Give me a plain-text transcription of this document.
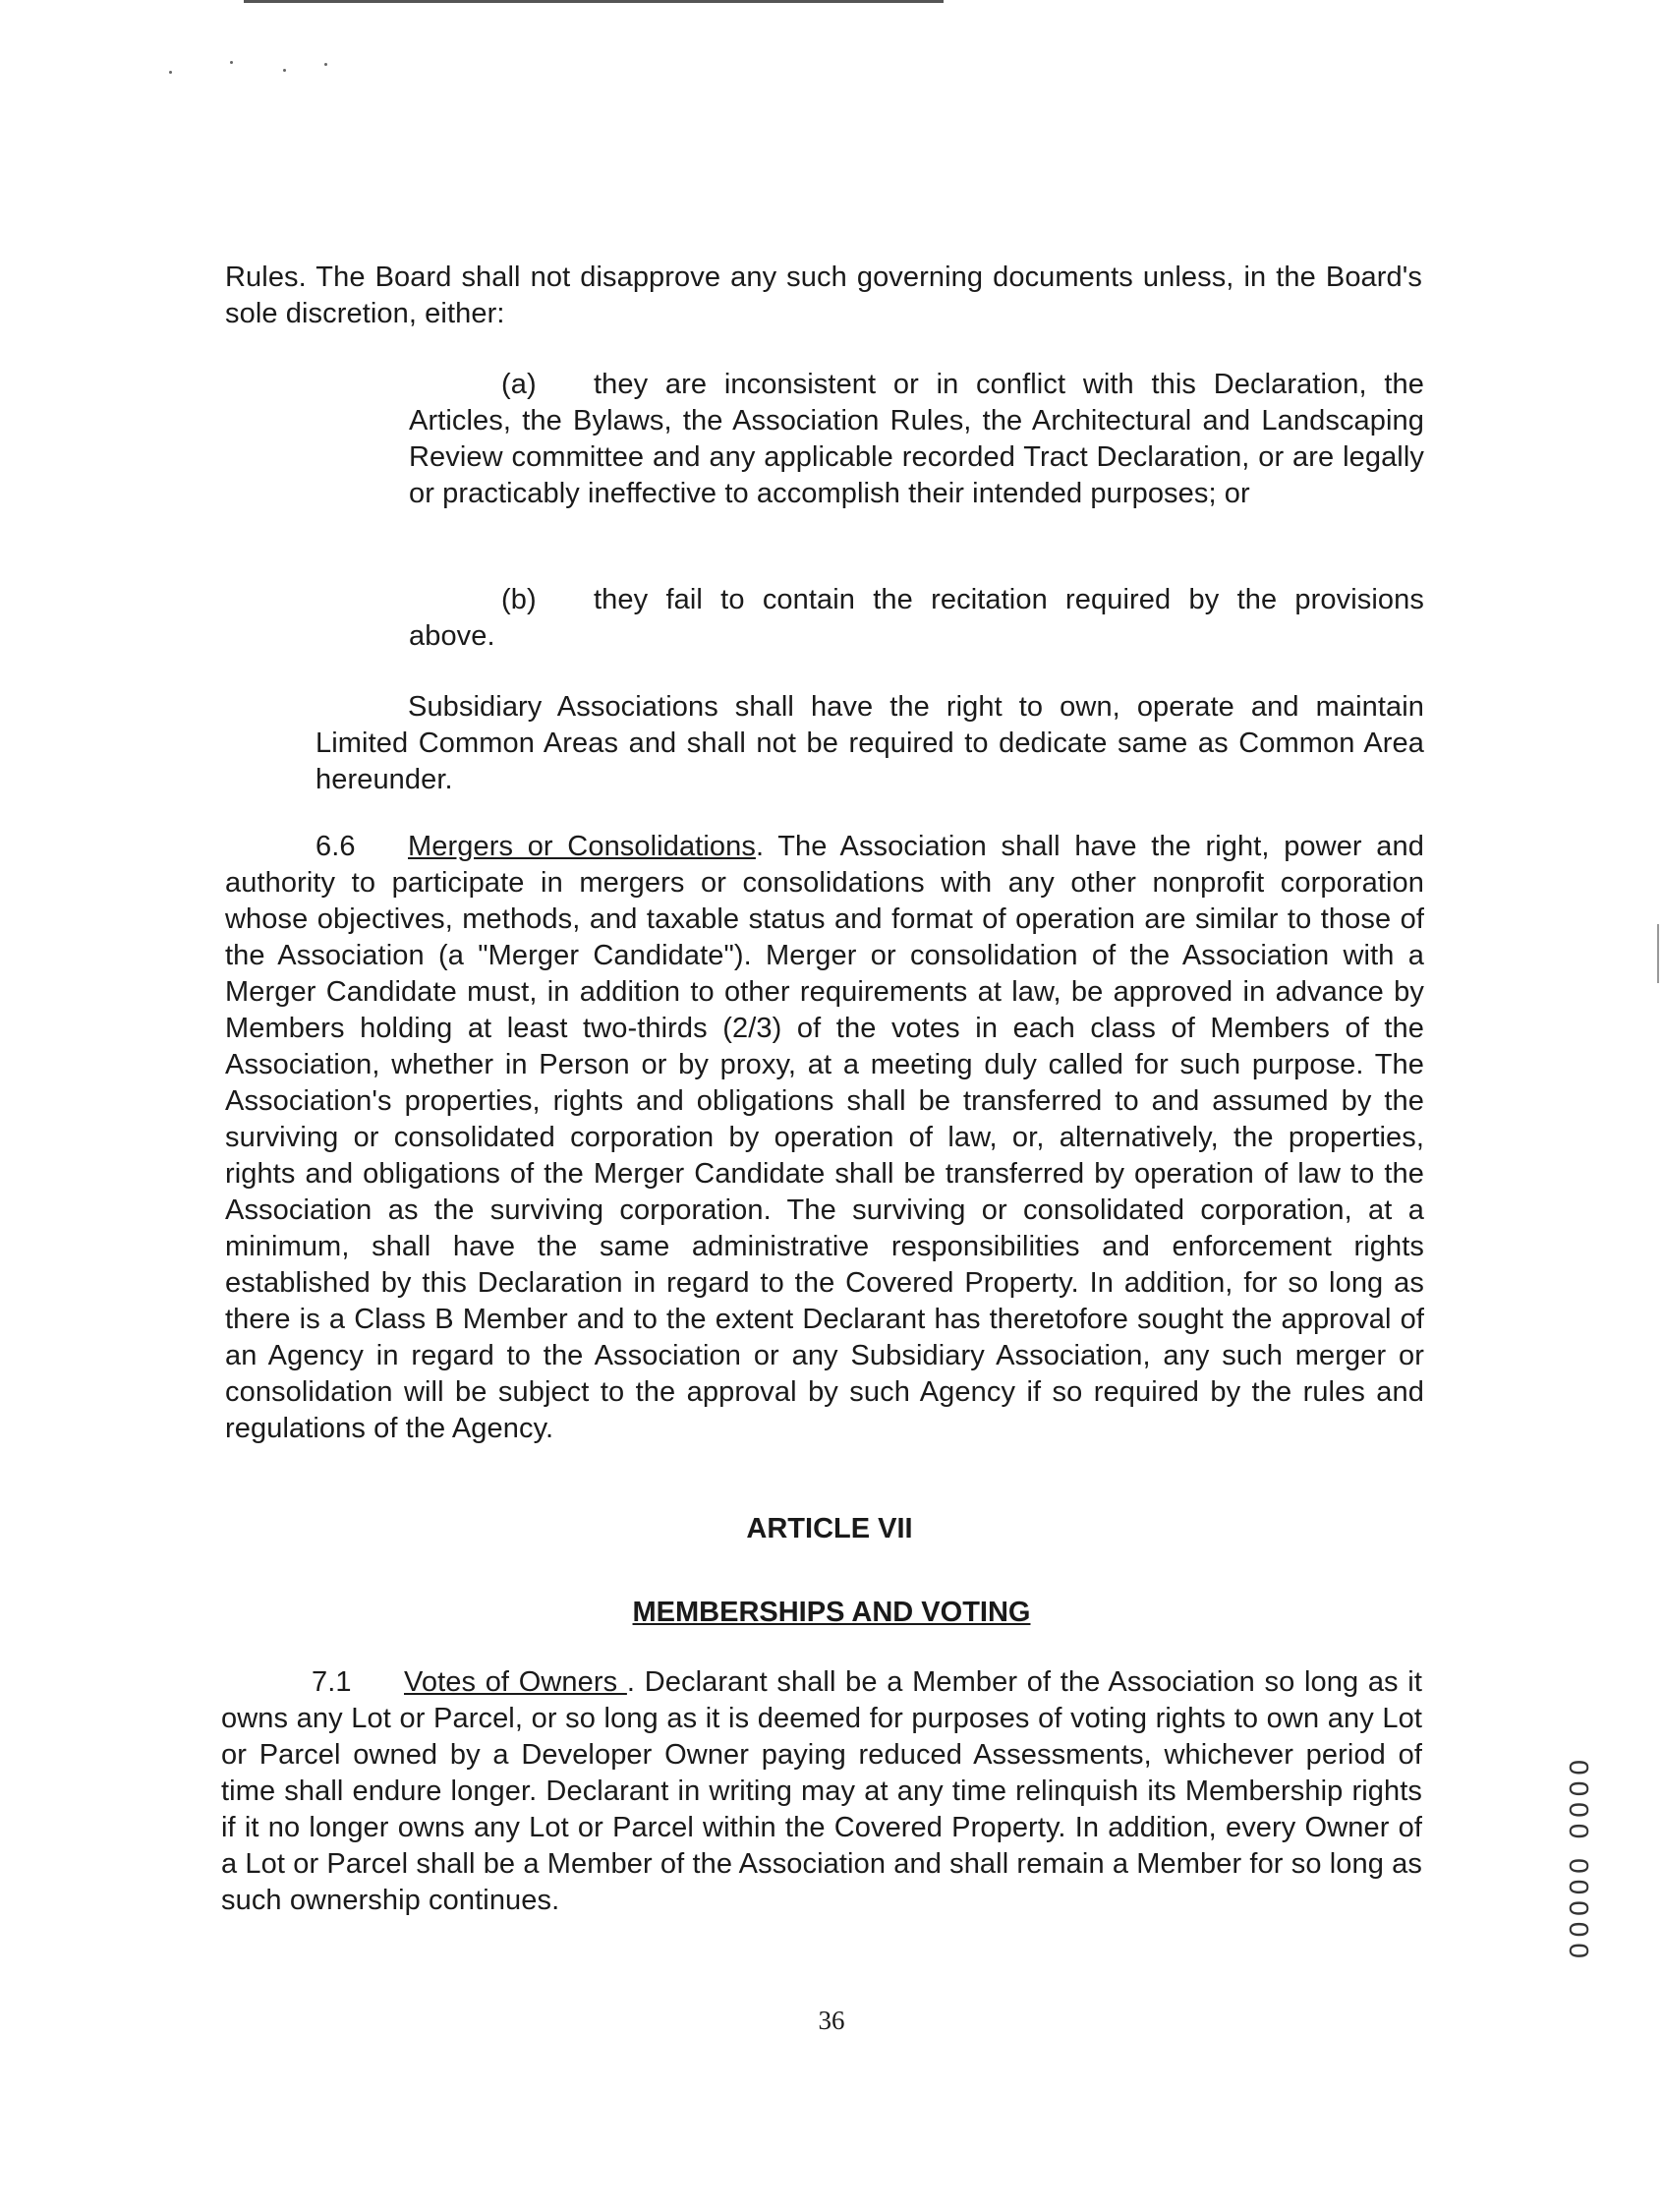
Rules. The Board shall not disapprove any such governing documents unless, in the Board's sole discretion, either:

(a) they are inconsistent or in conflict with this Declaration, the Articles, the Bylaws, the Association Rules, the Architectural and Landscaping Review committee and any applicable recorded Tract Declaration, or are legally or practicably ineffective to accomplish their intended purposes; or
(b) they fail to contain the recitation required by the provisions above.
Subsidiary Associations shall have the right to own, operate and maintain Limited Common Areas and shall not be required to dedicate same as Common Area hereunder.
6.6 Mergers or Consolidations. The Association shall have the right, power and authority to participate in mergers or consolidations with any other nonprofit corporation whose objectives, methods, and taxable status and format of operation are similar to those of the Association (a "Merger Candidate"). Merger or consolidation of the Association with a Merger Candidate must, in addition to other requirements at law, be approved in advance by Members holding at least two-thirds (2/3) of the votes in each class of Members of the Association, whether in Person or by proxy, at a meeting duly called for such purpose. The Association's properties, rights and obligations shall be transferred to and assumed by the surviving or consolidated corporation by operation of law, or, alternatively, the properties, rights and obligations of the Merger Candidate shall be transferred by operation of law to the Association as the surviving corporation. The surviving or consolidated corporation, at a minimum, shall have the same administrative responsibilities and enforcement rights established by this Declaration in regard to the Covered Property. In addition, for so long as there is a Class B Member and to the extent Declarant has theretofore sought the approval of an Agency in regard to the Association or any Subsidiary Association, any such merger or consolidation will be subject to the approval by such Agency if so required by the rules and regulations of the Agency.
ARTICLE VII
MEMBERSHIPS AND VOTING
7.1 Votes of Owners . Declarant shall be a Member of the Association so long as it owns any Lot or Parcel, or so long as it is deemed for purposes of voting rights to own any Lot or Parcel owned by a Developer Owner paying reduced Assessments, whichever period of time shall endure longer. Declarant in writing may at any time relinquish its Membership rights if it no longer owns any Lot or Parcel within the Covered Property. In addition, every Owner of a Lot or Parcel shall be a Member of the Association and shall remain a Member for so long as such ownership continues.
36
0000 00000
